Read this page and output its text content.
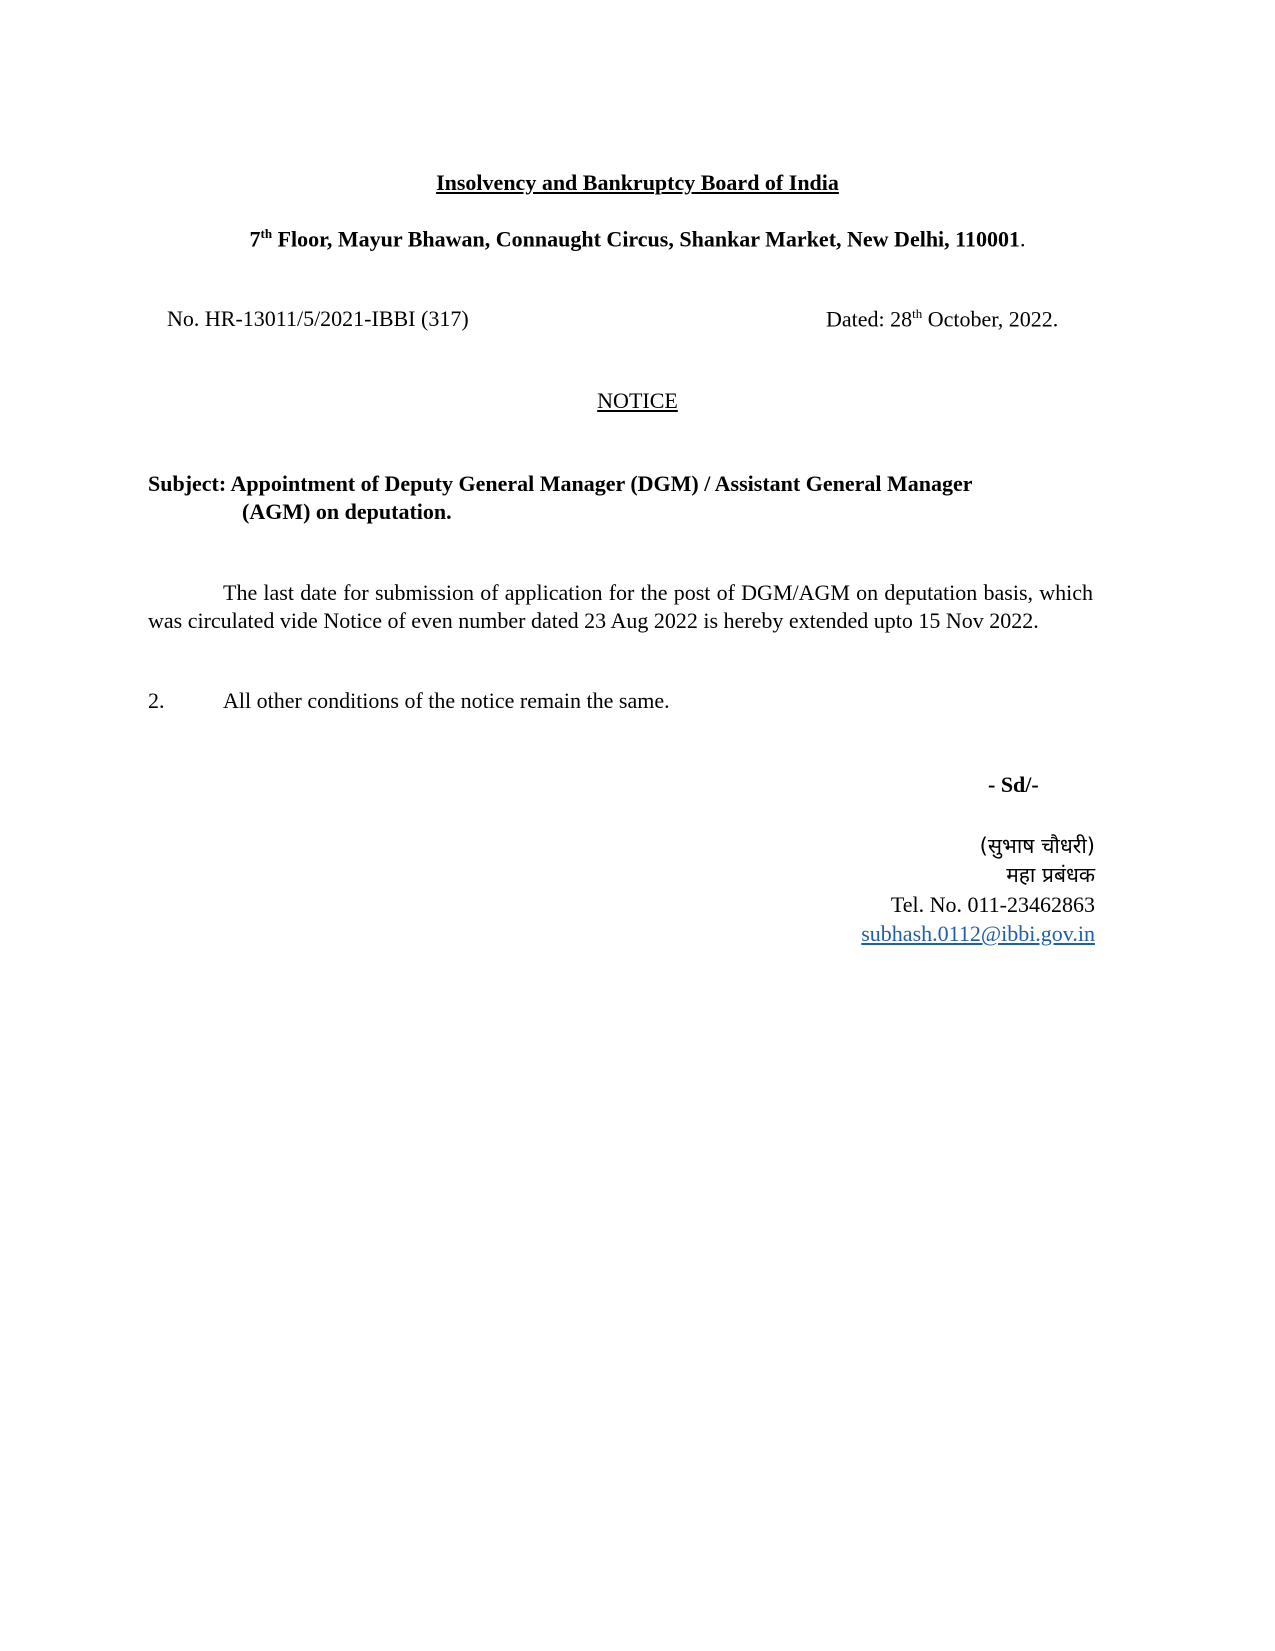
Insolvency and Bankruptcy Board of India
7th Floor, Mayur Bhawan, Connaught Circus, Shankar Market, New Delhi, 110001.
No. HR-13011/5/2021-IBBI (317)	Dated: 28th October, 2022.
NOTICE
Subject: Appointment of Deputy General Manager (DGM) / Assistant General Manager
(AGM) on deputation.
The last date for submission of application for the post of DGM/AGM on deputation basis, which was circulated vide Notice of even number dated 23 Aug 2022 is hereby extended upto 15 Nov 2022.
2.	All other conditions of the notice remain the same.
- Sd/-
(सुभाष चौधरी)
महा प्रबंधक
Tel. No. 011-23462863
subhash.0112@ibbi.gov.in
